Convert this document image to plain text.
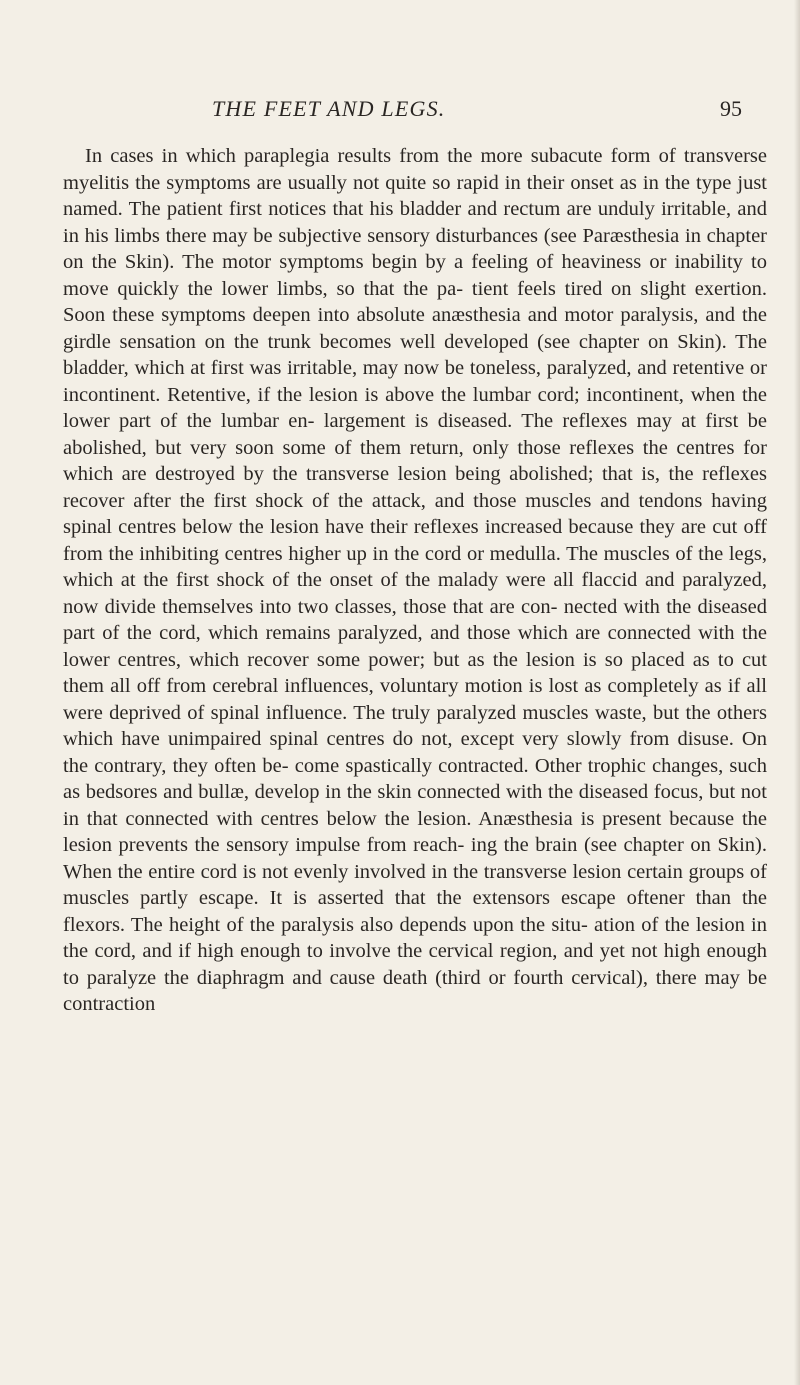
THE FEET AND LEGS.	95

In cases in which paraplegia results from the more subacute form of transverse myelitis the symptoms are usually not quite so rapid in their onset as in the type just named. The patient first notices that his bladder and rectum are unduly irritable, and in his limbs there may be subjective sensory disturbances (see Paræsthesia in chapter on the Skin). The motor symptoms begin by a feeling of heaviness or inability to move quickly the lower limbs, so that the pa- tient feels tired on slight exertion. Soon these symptoms deepen into absolute anæsthesia and motor paralysis, and the girdle sensation on the trunk becomes well developed (see chapter on Skin). The bladder, which at first was irritable, may now be toneless, paralyzed, and retentive or incontinent. Retentive, if the lesion is above the lumbar cord; incontinent, when the lower part of the lumbar en- largement is diseased. The reflexes may at first be abolished, but very soon some of them return, only those reflexes the centres for which are destroyed by the transverse lesion being abolished; that is, the reflexes recover after the first shock of the attack, and those muscles and tendons having spinal centres below the lesion have their reflexes increased because they are cut off from the inhibiting centres higher up in the cord or medulla. The muscles of the legs, which at the first shock of the onset of the malady were all flaccid and paralyzed, now divide themselves into two classes, those that are con- nected with the diseased part of the cord, which remains paralyzed, and those which are connected with the lower centres, which recover some power; but as the lesion is so placed as to cut them all off from cerebral influences, voluntary motion is lost as completely as if all were deprived of spinal influence. The truly paralyzed muscles waste, but the others which have unimpaired spinal centres do not, except very slowly from disuse. On the contrary, they often be- come spastically contracted. Other trophic changes, such as bedsores and bullæ, develop in the skin connected with the diseased focus, but not in that connected with centres below the lesion. Anæsthesia is present because the lesion prevents the sensory impulse from reach- ing the brain (see chapter on Skin). When the entire cord is not evenly involved in the transverse lesion certain groups of muscles partly escape. It is asserted that the extensors escape oftener than the flexors. The height of the paralysis also depends upon the situ- ation of the lesion in the cord, and if high enough to involve the cervical region, and yet not high enough to paralyze the diaphragm and cause death (third or fourth cervical), there may be contraction
